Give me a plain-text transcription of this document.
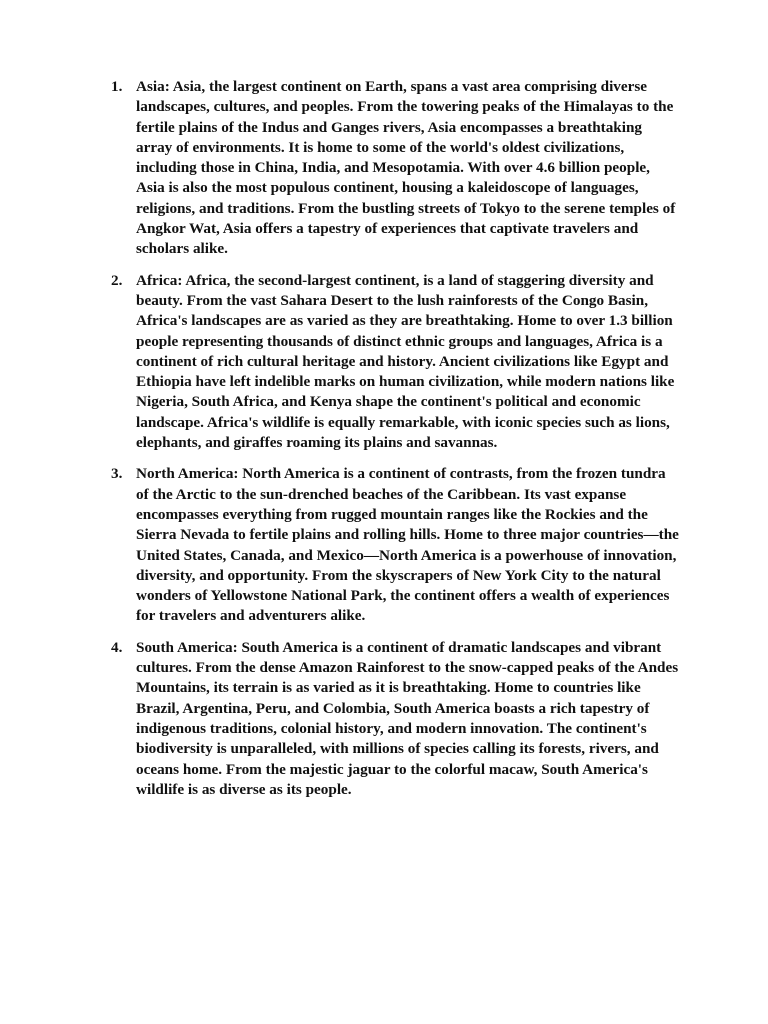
1. Asia: Asia, the largest continent on Earth, spans a vast area comprising diverse landscapes, cultures, and peoples. From the towering peaks of the Himalayas to the fertile plains of the Indus and Ganges rivers, Asia encompasses a breathtaking array of environments. It is home to some of the world's oldest civilizations, including those in China, India, and Mesopotamia. With over 4.6 billion people, Asia is also the most populous continent, housing a kaleidoscope of languages, religions, and traditions. From the bustling streets of Tokyo to the serene temples of Angkor Wat, Asia offers a tapestry of experiences that captivate travelers and scholars alike.
2. Africa: Africa, the second-largest continent, is a land of staggering diversity and beauty. From the vast Sahara Desert to the lush rainforests of the Congo Basin, Africa's landscapes are as varied as they are breathtaking. Home to over 1.3 billion people representing thousands of distinct ethnic groups and languages, Africa is a continent of rich cultural heritage and history. Ancient civilizations like Egypt and Ethiopia have left indelible marks on human civilization, while modern nations like Nigeria, South Africa, and Kenya shape the continent's political and economic landscape. Africa's wildlife is equally remarkable, with iconic species such as lions, elephants, and giraffes roaming its plains and savannas.
3. North America: North America is a continent of contrasts, from the frozen tundra of the Arctic to the sun-drenched beaches of the Caribbean. Its vast expanse encompasses everything from rugged mountain ranges like the Rockies and the Sierra Nevada to fertile plains and rolling hills. Home to three major countries—the United States, Canada, and Mexico—North America is a powerhouse of innovation, diversity, and opportunity. From the skyscrapers of New York City to the natural wonders of Yellowstone National Park, the continent offers a wealth of experiences for travelers and adventurers alike.
4. South America: South America is a continent of dramatic landscapes and vibrant cultures. From the dense Amazon Rainforest to the snow-capped peaks of the Andes Mountains, its terrain is as varied as it is breathtaking. Home to countries like Brazil, Argentina, Peru, and Colombia, South America boasts a rich tapestry of indigenous traditions, colonial history, and modern innovation. The continent's biodiversity is unparalleled, with millions of species calling its forests, rivers, and oceans home. From the majestic jaguar to the colorful macaw, South America's wildlife is as diverse as its people.
